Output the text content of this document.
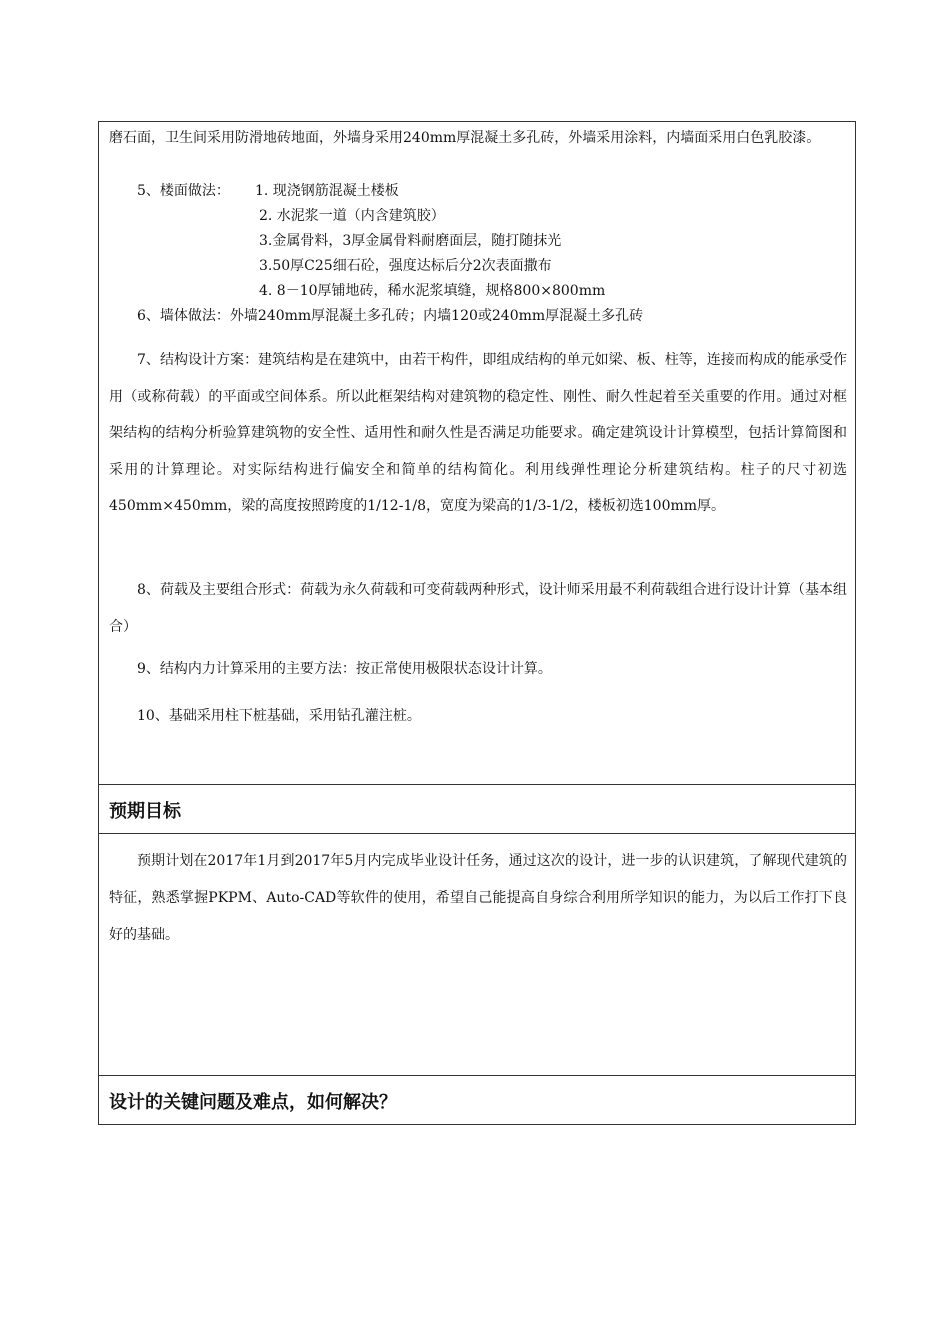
磨石面，卫生间采用防滑地砖地面，外墙身采用240mm厚混凝土多孔砖，外墙采用涂料，内墙面采用白色乳胶漆。
5、楼面做法： 1. 现浇钢筋混凝土楼板
2. 水泥浆一道（内含建筑胶）
3.金属骨料，3厚金属骨料耐磨面层，随打随抹光
3.50厚C25细石砼，强度达标后分2次表面撒布
4. 8－10厚铺地砖，稀水泥浆填缝，规格800×800mm
6、墙体做法：外墙240mm厚混凝土多孔砖；内墙120或240mm厚混凝土多孔砖
7、结构设计方案：建筑结构是在建筑中，由若干构件，即组成结构的单元如梁、板、柱等，连接而构成的能承受作用（或称荷载）的平面或空间体系。所以此框架结构对建筑物的稳定性、刚性、耐久性起着至关重要的作用。通过对框架结构的结构分析验算建筑物的安全性、适用性和耐久性是否满足功能要求。确定建筑设计计算模型，包括计算简图和采用的计算理论。对实际结构进行偏安全和简单的结构简化。利用线弹性理论分析建筑结构。柱子的尺寸初选450mm×450mm，梁的高度按照跨度的1/12-1/8，宽度为梁高的1/3-1/2，楼板初选100mm厚。
8、荷载及主要组合形式：荷载为永久荷载和可变荷载两种形式，设计师采用最不利荷载组合进行设计计算（基本组合）
9、结构内力计算采用的主要方法：按正常使用极限状态设计计算。
10、基础采用柱下桩基础，采用钻孔灌注桩。
预期目标
预期计划在2017年1月到2017年5月内完成毕业设计任务，通过这次的设计，进一步的认识建筑，了解现代建筑的特征，熟悉掌握PKPM、Auto-CAD等软件的使用，希望自己能提高自身综合利用所学知识的能力，为以后工作打下良好的基础。
设计的关键问题及难点，如何解决？
